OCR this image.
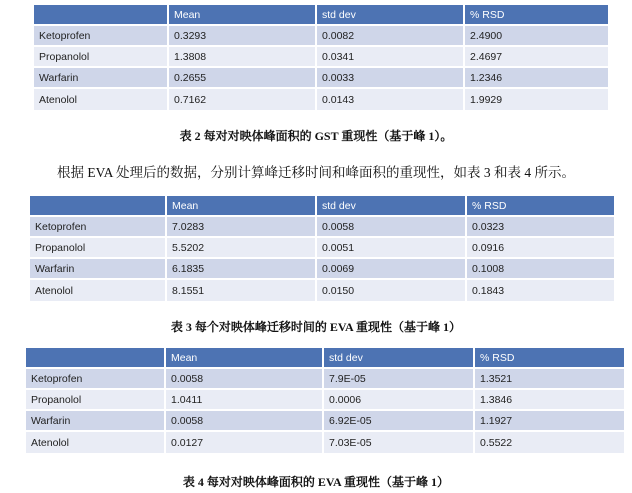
	Mean	std dev	% RSD
Ketoprofen	0.3293	0.0082	2.4900
Propanolol	1.3808	0.0341	2.4697
Warfarin	0.2655	0.0033	1.2346
Atenolol	0.7162	0.0143	1.9929
表 2 每对对映体峰面积的 GST 重现性（基于峰 1）。
根据 EVA 处理后的数据，分别计算峰迁移时间和峰面积的重现性，如表 3 和表 4 所示。
	Mean	std dev	% RSD
Ketoprofen	7.0283	0.0058	0.0323
Propanolol	5.5202	0.0051	0.0916
Warfarin	6.1835	0.0069	0.1008
Atenolol	8.1551	0.0150	0.1843
表 3 每个对映体峰迁移时间的 EVA 重现性（基于峰 1）
	Mean	std dev	% RSD
Ketoprofen	0.0058	7.9E-05	1.3521
Propanolol	1.0411	0.0006	1.3846
Warfarin	0.0058	6.92E-05	1.1927
Atenolol	0.0127	7.03E-05	0.5522
表 4 每对对映体峰面积的 EVA 重现性（基于峰 1）
